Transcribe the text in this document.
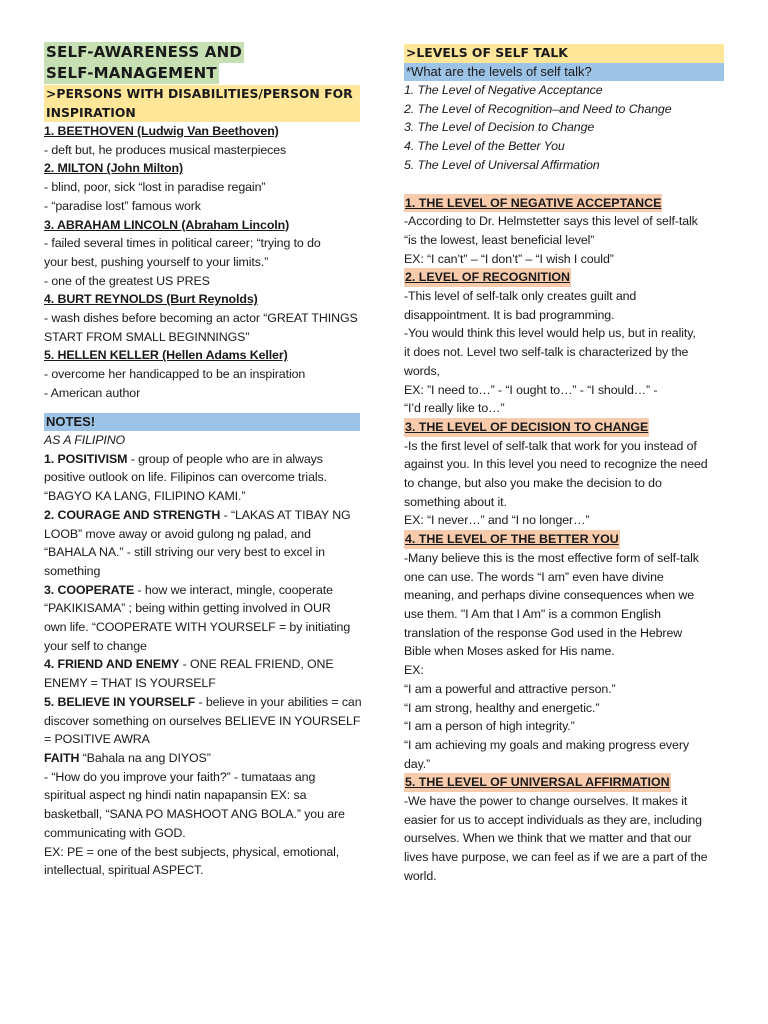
SELF-AWARENESS AND
SELF-MANAGEMENT
>PERSONS WITH DISABILITIES/PERSON FOR INSPIRATION
1. BEETHOVEN (Ludwig Van Beethoven)
- deft but, he produces musical masterpieces
2. MILTON (John Milton)
- blind, poor, sick “lost in paradise regain”
- “paradise lost” famous work
3. ABRAHAM LINCOLN (Abraham Lincoln)
- failed several times in political career; “trying to do
your best, pushing yourself to your limits.”
- one of the greatest US PRES
4. BURT REYNOLDS (Burt Reynolds)
- wash dishes before becoming an actor “GREAT THINGS
START FROM SMALL BEGINNINGS”
5. HELLEN KELLER (Hellen Adams Keller)
- overcome her handicapped to be an inspiration
- American author
NOTES!
AS A FILIPINO
1. POSITIVISM - group of people who are in always
positive outlook on life. Filipinos can overcome trials.
“BAGYO KA LANG, FILIPINO KAMI.”
2. COURAGE AND STRENGTH - “LAKAS AT TIBAY NG
LOOB” move away or avoid gulong ng palad, and
“BAHALA NA.” - still striving our very best to excel in
something
3. COOPERATE - how we interact, mingle, cooperate
“PAKIKISAMA” ; being within getting involved in OUR
own life. “COOPERATE WITH YOURSELF = by initiating
your self to change
4. FRIEND AND ENEMY - ONE REAL FRIEND, ONE
ENEMY = THAT IS YOURSELF
5. BELIEVE IN YOURSELF - believe in your abilities = can
discover something on ourselves BELIEVE IN YOURSELF
= POSITIVE AWRA
FAITH “Bahala na ang DIYOS”
- “How do you improve your faith?” - tumataas ang
spiritual aspect ng hindi natin napapansin EX: sa
basketball, “SANA PO MASHOOT ANG BOLA.” you are
communicating with GOD.
EX: PE = one of the best subjects, physical, emotional,
intellectual, spiritual ASPECT.
>LEVELS OF SELF TALK
*What are the levels of self talk?
1. The Level of Negative Acceptance
2. The Level of Recognition–and Need to Change
3. The Level of Decision to Change
4. The Level of the Better You
5. The Level of Universal Affirmation
1. THE LEVEL OF NEGATIVE ACCEPTANCE
-According to Dr. Helmstetter says this level of self-talk
“is the lowest, least beneficial level”
EX: “I can’t” – “I don’t” – “I wish I could”
2. LEVEL OF RECOGNITION
-This level of self-talk only creates guilt and
disappointment. It is bad programming.
-You would think this level would help us, but in reality,
it does not. Level two self-talk is characterized by the
words,
EX: ”I need to…” - “I ought to…” - “I should…” -
“I’d really like to…”
3. THE LEVEL OF DECISION TO CHANGE
-Is the first level of self-talk that work for you instead of
against you. In this level you need to recognize the need
to change, but also you make the decision to do
something about it.
EX: “I never…” and “I no longer…”
4. THE LEVEL OF THE BETTER YOU
-Many believe this is the most effective form of self-talk
one can use. The words “I am” even have divine
meaning, and perhaps divine consequences when we
use them. "I Am that I Am" is a common English
translation of the response God used in the Hebrew
Bible when Moses asked for His name.
EX:
“I am a powerful and attractive person.”
“I am strong, healthy and energetic.”
“I am a person of high integrity.”
“I am achieving my goals and making progress every
day.”
5. THE LEVEL OF UNIVERSAL AFFIRMATION
-We have the power to change ourselves. It makes it
easier for us to accept individuals as they are, including
ourselves. When we think that we matter and that our
lives have purpose, we can feel as if we are a part of the
world.
